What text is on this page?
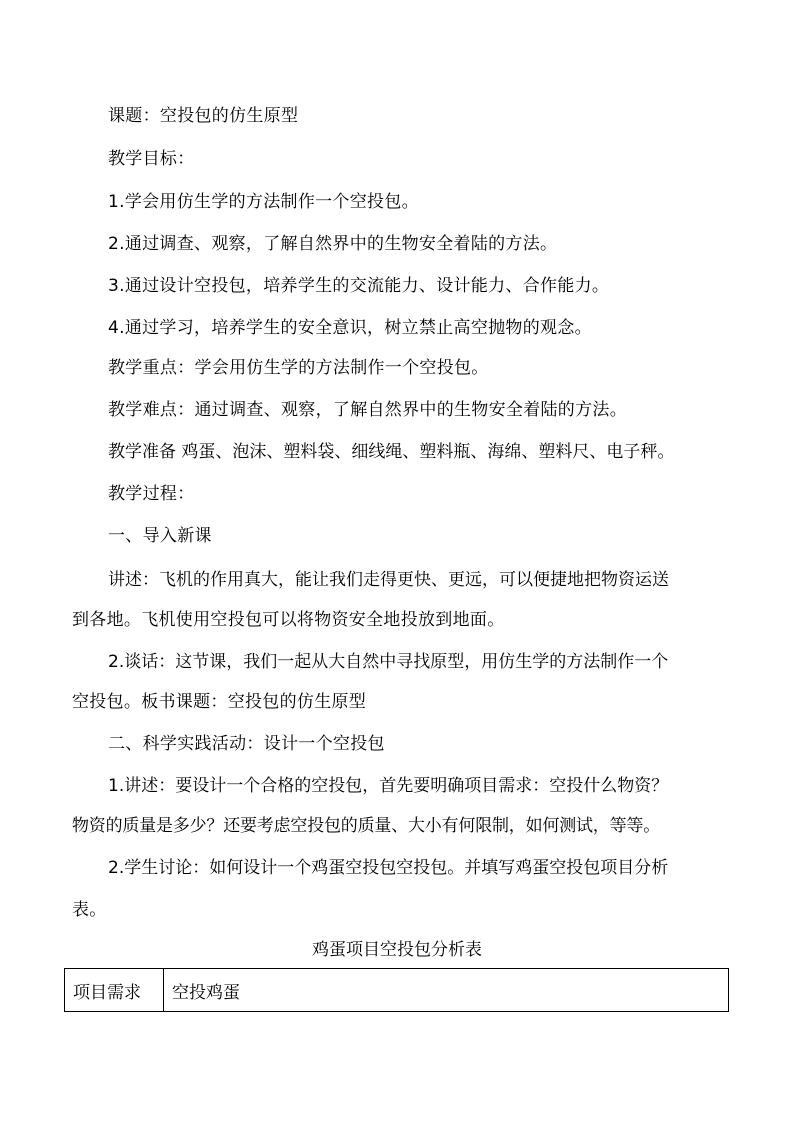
课题：空投包的仿生原型
教学目标：
1.学会用仿生学的方法制作一个空投包。
2.通过调查、观察，了解自然界中的生物安全着陆的方法。
3.通过设计空投包，培养学生的交流能力、设计能力、合作能力。
4.通过学习，培养学生的安全意识，树立禁止高空抛物的观念。
教学重点：学会用仿生学的方法制作一个空投包。
教学难点：通过调查、观察，了解自然界中的生物安全着陆的方法。
教学准备 鸡蛋、泡沫、塑料袋、细线绳、塑料瓶、海绵、塑料尺、电子秤。
教学过程：
一、导入新课
讲述：飞机的作用真大，能让我们走得更快、更远，可以便捷地把物资运送
到各地。飞机使用空投包可以将物资安全地投放到地面。
2.谈话：这节课，我们一起从大自然中寻找原型，用仿生学的方法制作一个
空投包。板书课题：空投包的仿生原型
二、科学实践活动：设计一个空投包
1.讲述：要设计一个合格的空投包，首先要明确项目需求：空投什么物资？
物资的质量是多少？还要考虑空投包的质量、大小有何限制，如何测试，等等。
2.学生讨论：如何设计一个鸡蛋空投包空投包。并填写鸡蛋空投包项目分析
表。
鸡蛋项目空投包分析表
项目需求	空投鸡蛋
